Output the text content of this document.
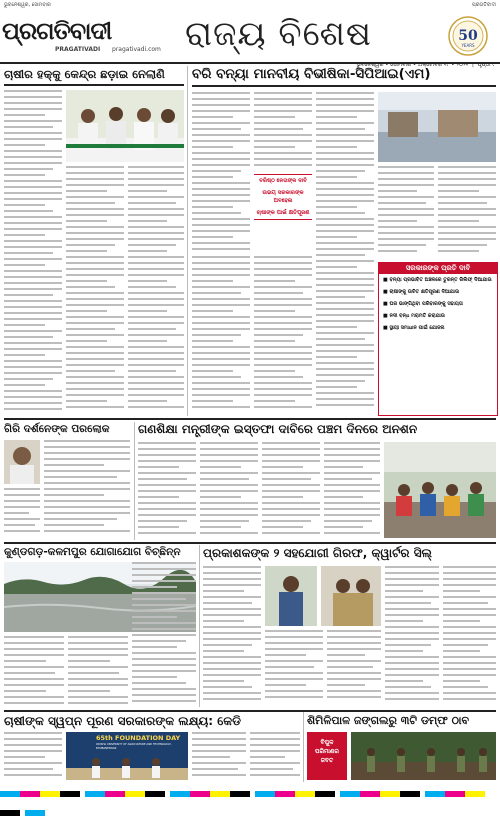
ଭୁବନେଶ୍ୱର, ସୋମବାର	ପ୍ରଗତିବାଦୀ
ପ୍ରଗତିବାଦୀ
PRAGATIVADI pragativadi.com ରାଜ୍ୟ ବିଶେଷ	50
YEARS
ଭୁବନେଶ୍ୱର • ସୋମବାର • ଅକ୍ଟୋବର ୧୮ • ୨୦୨୧  |  ପୃଷ୍ଠା ୯
ଚାଷୀର ହକ୍କୁ କେନ୍ଦ୍ର ଛଡ଼ାଇ ନେଲାଣି	ବରି ବନ୍ୟା ମାନବୀୟ ବିଭୀଷିକା-ସିପିଆଇ(ଏମ)
ବରିଷ୍ଠ ନେତାଙ୍କ ଦାବି
ଉଭୟ ସରକାରଙ୍କ ଅବହେଳା
ଚାଷୀଙ୍କ ପାଇଁ କ୍ଷତିପୂରଣ
ସରକାରଙ୍କ ପ୍ରତି ଦାବି
■ ବନ୍ୟା ପ୍ରଭାବିତ ଅଞ୍ଚଳରେ ତୁରନ୍ତ ରିଲିଫ୍ ଦିଆଯାଉ
■ ଚାଷୀଙ୍କୁ ଉଚିତ କ୍ଷତିପୂରଣ ଦିଆଯାଉ
■ ଘର ଭାଙ୍ଗିଥିବା ପରିବାରଙ୍କୁ ସହାୟତା
■ ନଦୀ ବନ୍ଧ ମରାମତି କରାଯାଉ
■ ସ୍ଥାୟୀ ସମାଧାନ ପାଇଁ ଯୋଜନା
ଗିରି ଦର୍ଶନେଙ୍କ ପରଲୋକ	ଗଣଶିକ୍ଷା ମନ୍ତ୍ରୀଙ୍କ ଇସ୍ତଫା ଦାବିରେ ପଞ୍ଚମ ଦିନରେ ଅନଶନ
କୁଣ୍ଡଗଡ଼-କଳମପୁର ଯୋଗାଯୋଗ ବିଚ୍ଛିନ୍ନ	ପ୍ରକାଶକଙ୍କ ୨ ସହଯୋଗୀ ଗିରଫ, କ୍ୱାର୍ଟର ସିଲ୍
ଚାଷୀଙ୍କ ସ୍ୱପ୍ନ ପୂରଣ ସରକାରଙ୍କ ଲକ୍ଷ୍ୟ: କେଡି
65th FOUNDATION DAY
ODISHA UNIVERSITY OF AGRICULTURE AND TECHNOLOGY, BHUBANESWAR
ଶିମିଳିପାଳ ଜଙ୍ଗଲରୁ ୩ଟି ଡମ୍ଫ ଠାବ
ବିପୁଳ
ପରିମାଣର
ଜବତ
